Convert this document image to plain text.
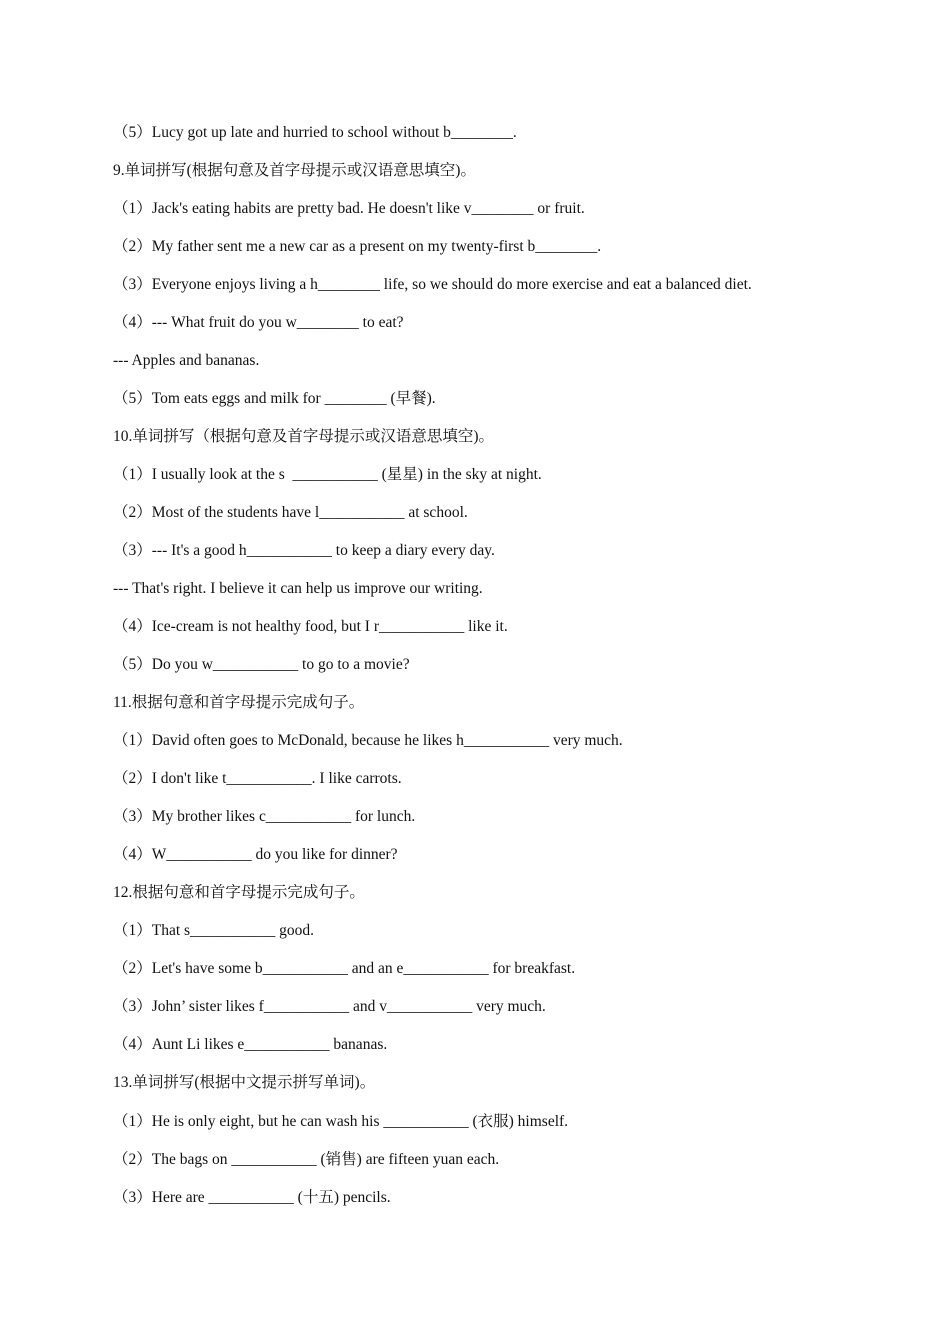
（5）Lucy got up late and hurried to school without b________.
9.单词拼写(根据句意及首字母提示或汉语意思填空)。
（1）Jack's eating habits are pretty bad. He doesn't like v________ or fruit.
（2）My father sent me a new car as a present on my twenty-first b________.
（3）Everyone enjoys living a h________ life, so we should do more exercise and eat a balanced diet.
（4）--- What fruit do you w________ to eat?
--- Apples and bananas.
（5）Tom eats eggs and milk for ________ (早餐).
10.单词拼写（根据句意及首字母提示或汉语意思填空)。
（1）I usually look at the s  ___________ (星星) in the sky at night.
（2）Most of the students have l___________ at school.
（3）--- It's a good h___________ to keep a diary every day.
--- That's right. I believe it can help us improve our writing.
（4）Ice-cream is not healthy food, but I r___________ like it.
（5）Do you w___________ to go to a movie?
11.根据句意和首字母提示完成句子。
（1）David often goes to McDonald, because he likes h___________ very much.
（2）I don't like t___________. I like carrots.
（3）My brother likes c___________ for lunch.
（4）W___________ do you like for dinner?
12.根据句意和首字母提示完成句子。
（1）That s___________ good.
（2）Let's have some b___________ and an e___________ for breakfast.
（3）John’ sister likes f___________ and v___________ very much.
（4）Aunt Li likes e___________ bananas.
13.单词拼写(根据中文提示拼写单词)。
（1）He is only eight, but he can wash his ___________ (衣服) himself.
（2）The bags on ___________ (销售) are fifteen yuan each.
（3）Here are ___________ (十五) pencils.
